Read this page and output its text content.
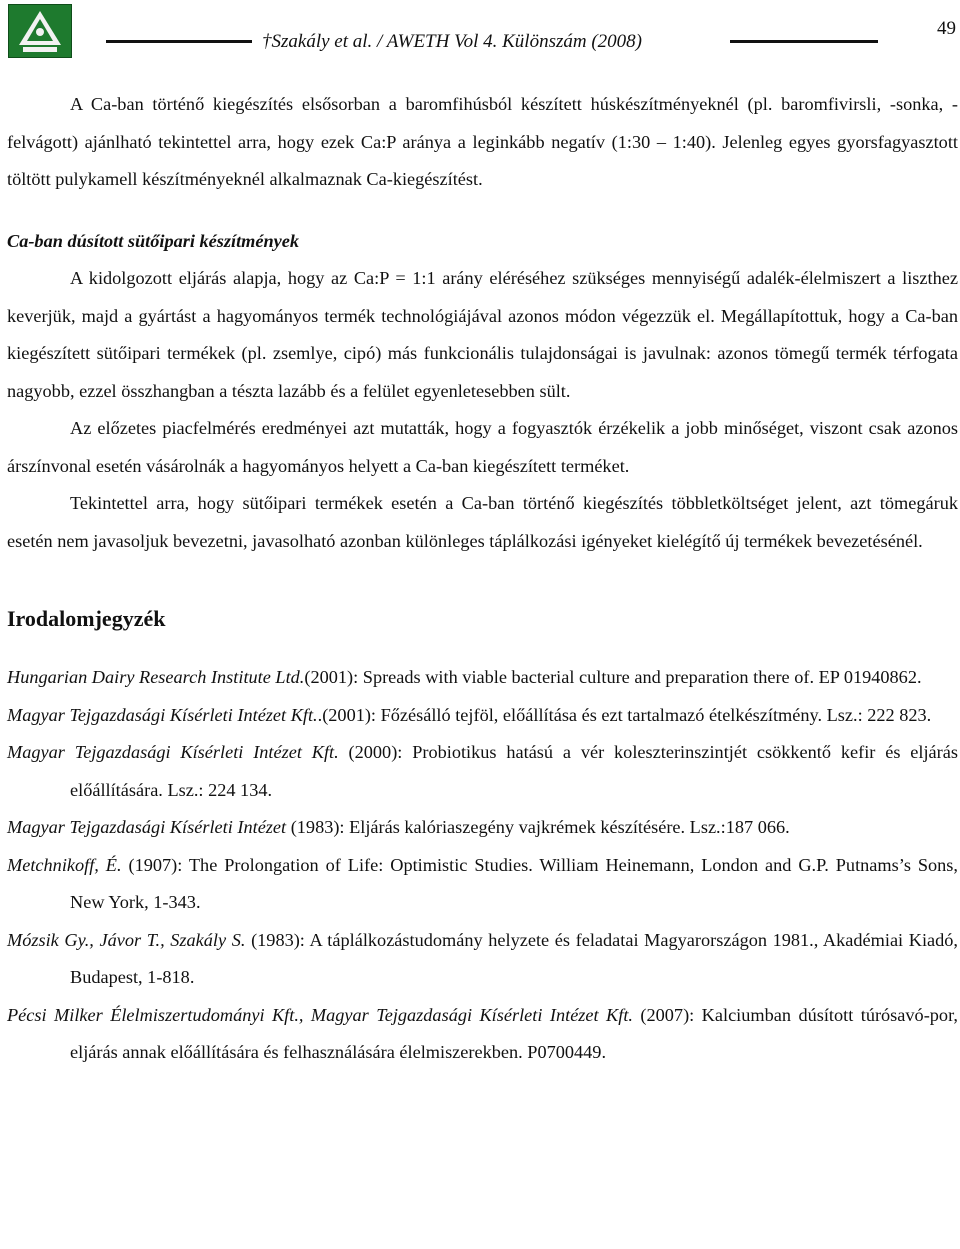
†Szakály et al. / AWETH Vol 4. Különszám (2008)
49

A Ca-ban történő kiegészítés elsősorban a baromfihúsból készített húskészítményeknél (pl. baromfivirsli, -sonka, -felvágott) ajánlható tekintettel arra, hogy ezek Ca:P aránya a leginkább negatív (1:30 – 1:40). Jelenleg egyes gyorsfagyasztott töltött pulykamell készítményeknél alkalmaznak Ca-kiegészítést.

Ca-ban dúsított sütőipari készítmények

A kidolgozott eljárás alapja, hogy az Ca:P = 1:1 arány eléréséhez szükséges mennyiségű adalék-élelmiszert a liszthez keverjük, majd a gyártást a hagyományos termék technológiájával azonos módon végezzük el. Megállapítottuk, hogy a Ca-ban kiegészített sütőipari termékek (pl. zsemlye, cipó) más funkcionális tulajdonságai is javulnak: azonos tömegű termék térfogata nagyobb, ezzel összhangban a tészta lazább és a felület egyenletesebben sült.

Az előzetes piacfelmérés eredményei azt mutatták, hogy a fogyasztók érzékelik a jobb minőséget, viszont csak azonos árszínvonal esetén vásárolnák a hagyományos helyett a Ca-ban kiegészített terméket.

Tekintettel arra, hogy sütőipari termékek esetén a Ca-ban történő kiegészítés többletköltséget jelent, azt tömegáruk esetén nem javasoljuk bevezetni, javasolható azonban különleges táplálkozási igényeket kielégítő új termékek bevezetésénél.

Irodalomjegyzék
Hungarian Dairy Research Institute Ltd.(2001): Spreads with viable bacterial culture and preparation there of. EP 01940862.
Magyar Tejgazdasági Kísérleti Intézet Kft..(2001): Főzésálló tejföl, előállítása és ezt tartalmazó ételkészítmény. Lsz.: 222 823.
Magyar Tejgazdasági Kísérleti Intézet Kft. (2000): Probiotikus hatású a vér koleszterinszintjét csökkentő kefir és eljárás előállítására. Lsz.: 224 134.
Magyar Tejgazdasági Kísérleti Intézet (1983): Eljárás kalóriaszegény vajkrémek készítésére. Lsz.:187 066.
Metchnikoff, É. (1907): The Prolongation of Life: Optimistic Studies. William Heinemann, London and G.P. Putnams’s Sons, New York, 1-343.
Mózsik Gy., Jávor T., Szakály S. (1983): A táplálkozástudomány helyzete és feladatai Magyarországon 1981., Akadémiai Kiadó, Budapest, 1-818.
Pécsi Milker Élelmiszertudományi Kft., Magyar Tejgazdasági Kísérleti Intézet Kft. (2007): Kalciumban dúsított túrósavó-por, eljárás annak előállítására és felhasználására élelmiszerekben. P0700449.
